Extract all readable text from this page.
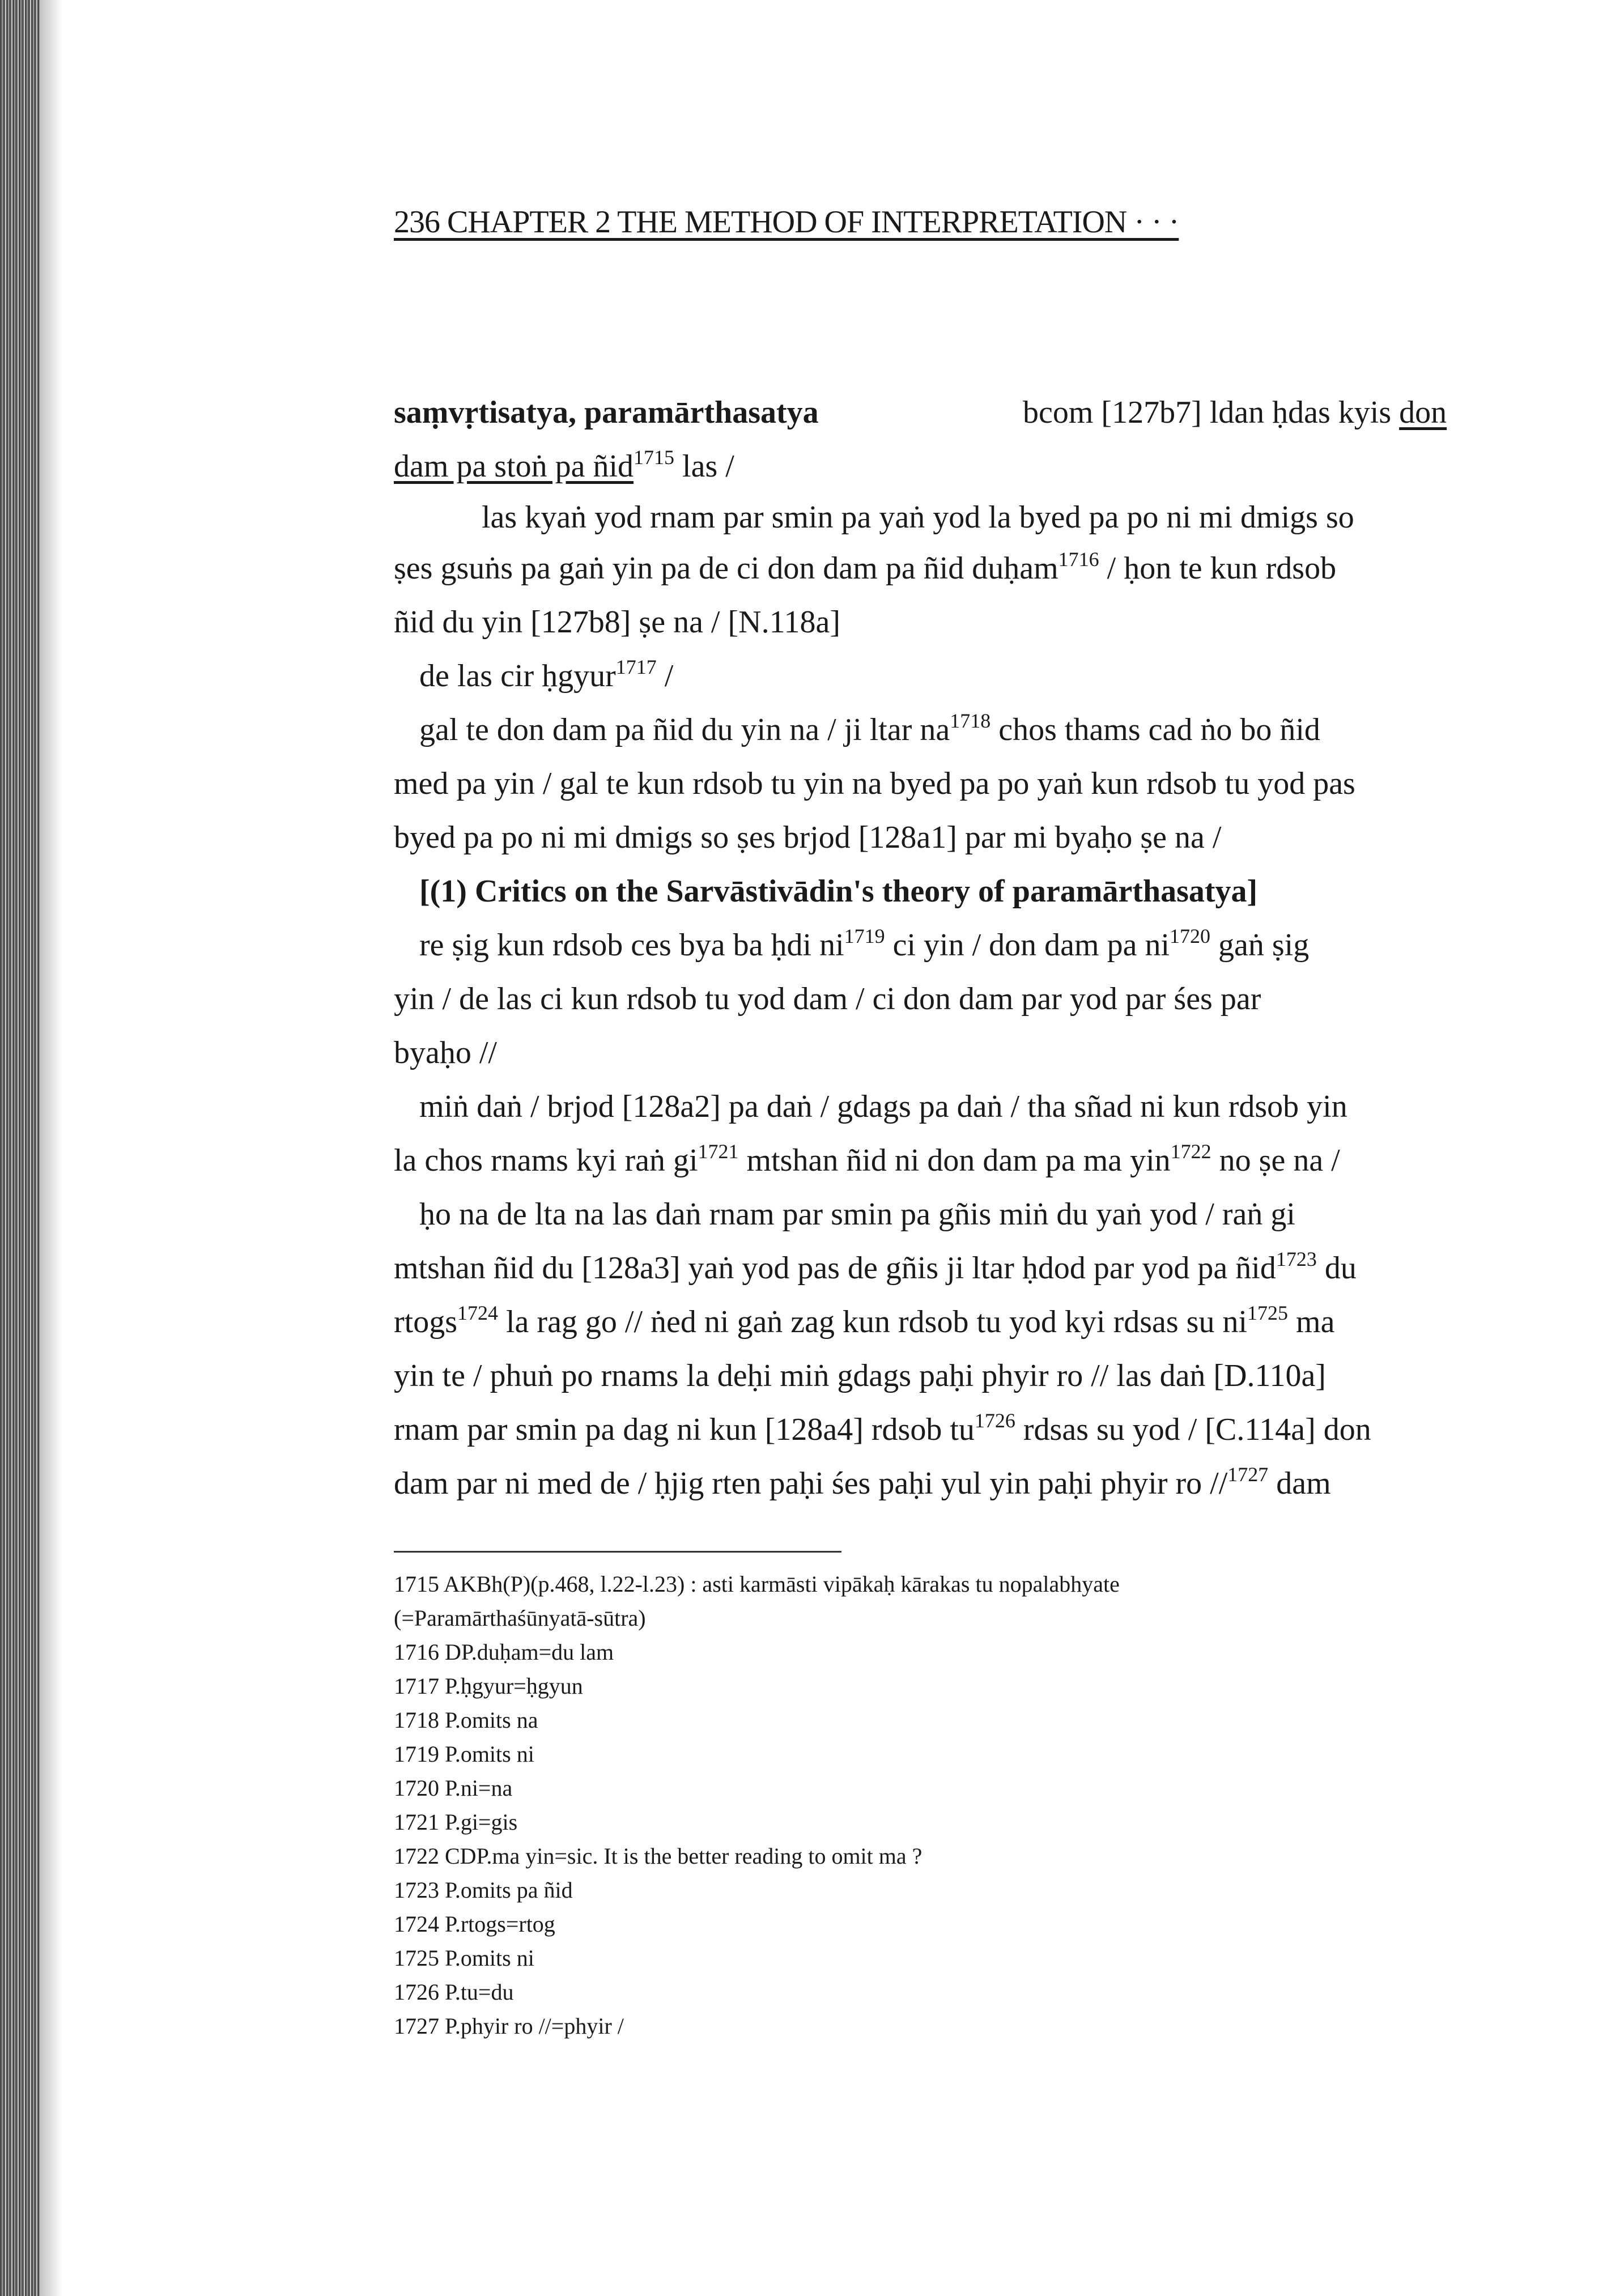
236 CHAPTER 2 THE METHOD OF INTERPRETATION · · ·
saṃvṛtisatya, paramārthasatya	bcom [127b7] ldan ḥdas kyis don
dam pa stoṅ pa ñid$^{1715}$ las /
las kyaṅ yod rnam par smin pa yaṅ yod la byed pa po ni mi dmigs so
ṣes gsuṅs pa gaṅ yin pa de ci don dam pa ñid duḥam$^{1716}$ / ḥon te kun rdsob
ñid du yin [127b8] ṣe na / [N.118a]
de las cir ḥgyur$^{1717}$ /
gal te don dam pa ñid du yin na / ji ltar $na^{1718}$ chos thams cad ṅo bo ñid
med pa yin / gal te kun rdsob tu yin na byed pa po yaṅ kun rdsob tu yod pas
byed pa po ni mi dmigs so ṣes brjod [128a1] par mi byaḥo ṣe na /
[(1) Critics on the Sarvāstivādin's theory of paramārthasatya]
re ṣig kun rdsob ces bya ba ḥdi $ni^{1719}$ ci yin / don dam pa $ni^{1720}$ gaṅ ṣig
yin / de las ci kun rdsob tu yod dam / ci don dam par yod par śes par
byaḥo //
miṅ daṅ / brjod [128a2] pa daṅ / gdags pa daṅ / tha sñad ni kun rdsob yin
la chos rnams kyi raṅ $gi^{1721}$ mtshan ñid ni don dam pa ma yin$^{1722}$ no ṣe na /
ḥo na de lta na las daṅ rnam par smin pa gñis miṅ du yaṅ yod / raṅ gi
mtshan ñid du [128a3] yaṅ yod pas de gñis ji ltar ḥdod par yod pa ñid$^{1723}$ du
rtogs$^{1724}$ la rag go // ṅed ni gaṅ zag kun rdsob tu yod kyi rdsas su $ni^{1725}$ ma
yin te / phuṅ po rnams la deḥi miṅ gdags paḥi phyir ro // las daṅ [D.110a]
rnam par smin pa dag ni kun [128a4] rdsob $tu^{1726}$ rdsas su yod / [C.114a] don
dam par ni med de / ḥjig rten paḥi śes paḥi yul yin paḥi phyir ro //$^{1727}$ dam
1715 AKBh(P)(p.468, l.22-l.23) : asti karmāsti vipākaḥ kārakas tu nopalabhyate
(=Paramārthaśūnyatā-sūtra)
1716 DP.duḥam=du lam
1717 P.ḥgyur=ḥgyun
1718 P.omits na
1719 P.omits ni
1720 P.ni=na
1721 P.gi=gis
1722 CDP.ma yin=sic. It is the better reading to omit ma ?
1723 P.omits pa ñid
1724 P.rtogs=rtog
1725 P.omits ni
1726 P.tu=du
1727 P.phyir ro //=phyir /
